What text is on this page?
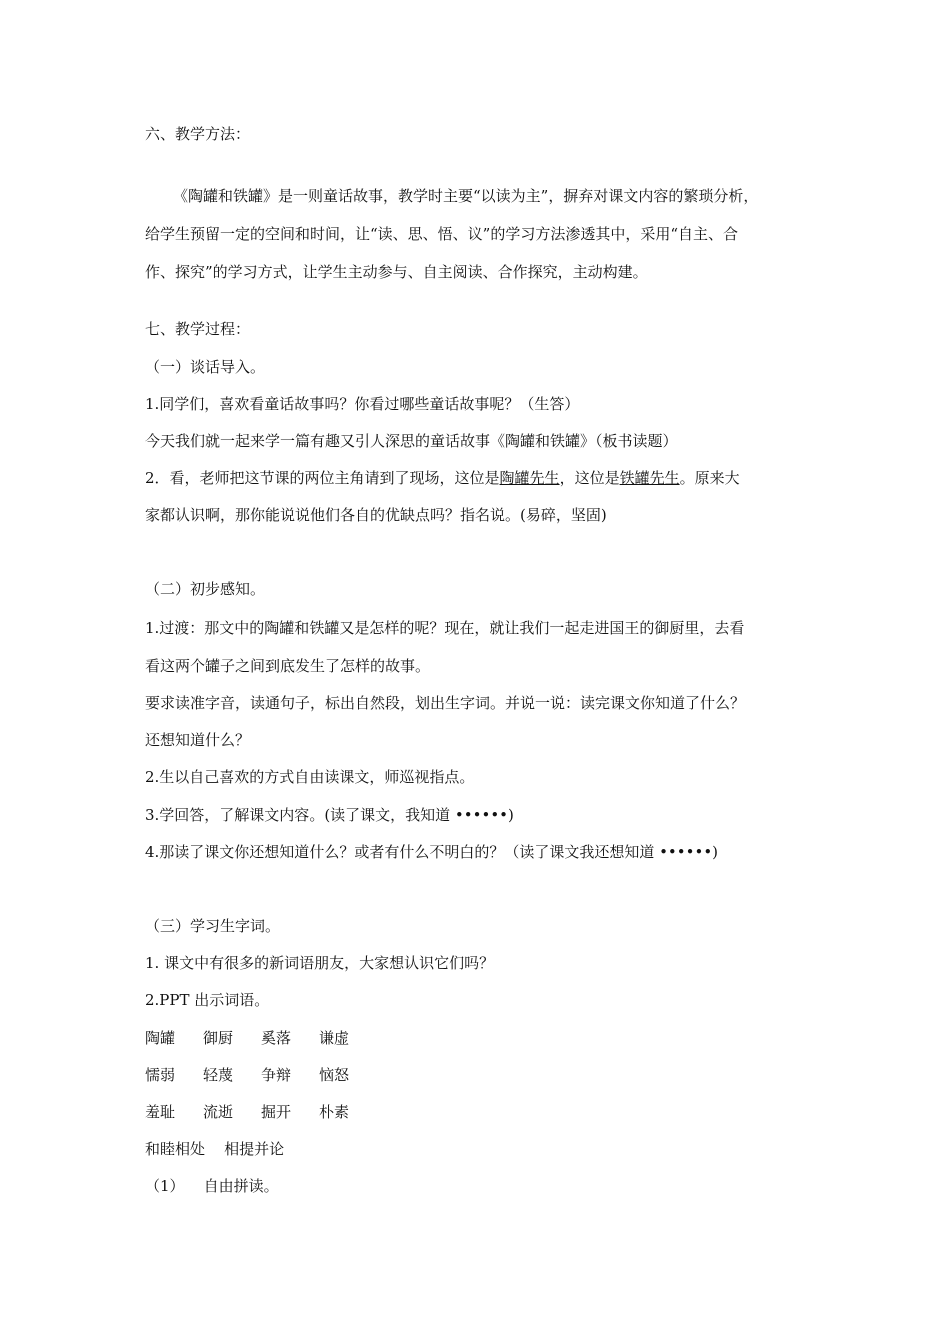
六、教学方法：
《陶罐和铁罐》是一则童话故事，教学时主要“以读为主”，摒弃对课文内容的繁琐分析，
给学生预留一定的空间和时间，让“读、思、悟、议”的学习方法渗透其中，采用“自主、合
作、探究”的学习方式，让学生主动参与、自主阅读、合作探究，主动构建。
七、教学过程：
（一）谈话导入。
1.同学们，喜欢看童话故事吗？你看过哪些童话故事呢？（生答）
今天我们就一起来学一篇有趣又引人深思的童话故事《陶罐和铁罐》（板书读题）
2．看，老师把这节课的两位主角请到了现场，这位是陶罐先生，这位是铁罐先生。原来大
家都认识啊，那你能说说他们各自的优缺点吗？指名说。(易碎，坚固)
（二）初步感知。
1.过渡：那文中的陶罐和铁罐又是怎样的呢？现在，就让我们一起走进国王的御厨里，去看
看这两个罐子之间到底发生了怎样的故事。
要求读准字音，读通句子，标出自然段，划出生字词。并说一说：读完课文你知道了什么？
还想知道什么？
2.生以自己喜欢的方式自由读课文，师巡视指点。
3.学回答，了解课文内容。(读了课文，我知道 ••••••)
4.那读了课文你还想知道什么？或者有什么不明白的？（读了课文我还想知道 ••••••)
（三）学习生字词。
1. 课文中有很多的新词语朋友，大家想认识它们吗？
2.PPT 出示词语。
陶罐 御厨 奚落 谦虚
懦弱 轻蔑 争辩 恼怒
羞耻 流逝 掘开 朴素
和睦相处    相提并论
（1）    自由拼读。
